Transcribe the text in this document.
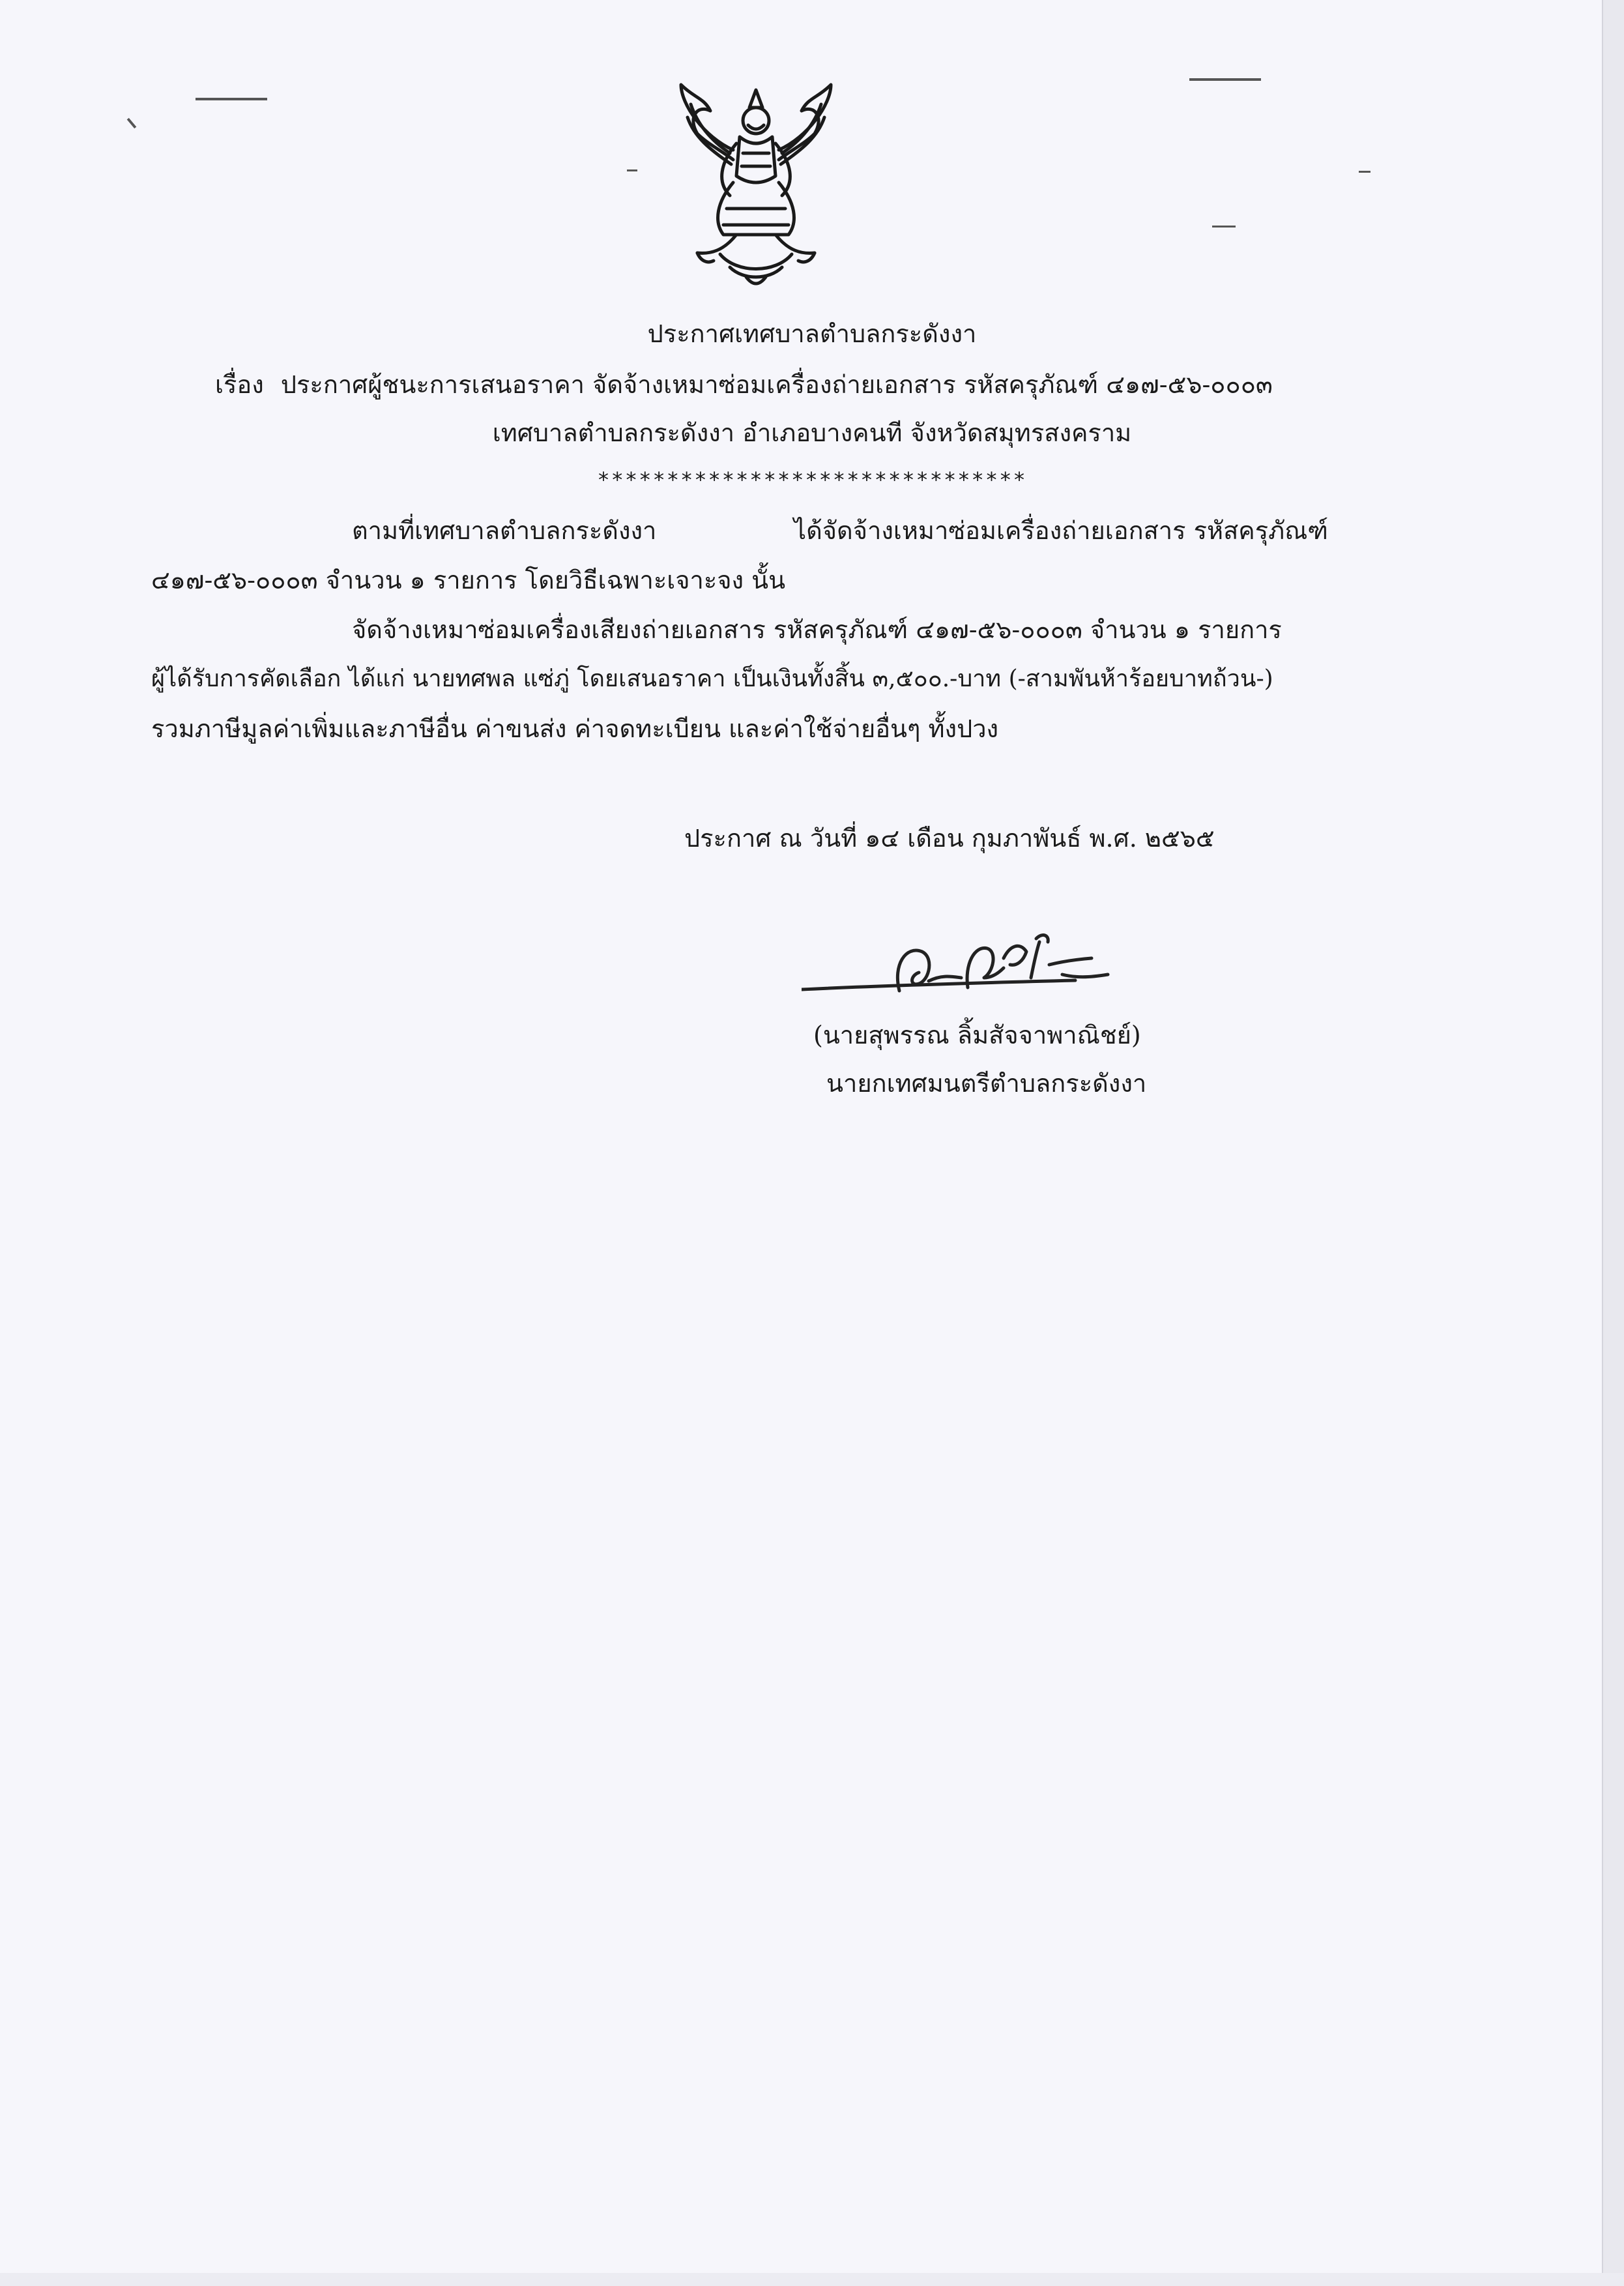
ประกาศเทศบาลตำบลกระดังงา
เรื่อง ประกาศผู้ชนะการเสนอราคา จัดจ้างเหมาซ่อมเครื่องถ่ายเอกสาร รหัสครุภัณฑ์ ๔๑๗-๕๖-๐๐๐๓
เทศบาลตำบลกระดังงา อำเภอบางคนที จังหวัดสมุทรสงคราม
*******************************
ตามที่เทศบาลตำบลกระดังงา	ได้จัดจ้างเหมาซ่อมเครื่องถ่ายเอกสาร รหัสครุภัณฑ์
๔๑๗-๕๖-๐๐๐๓ จำนวน ๑ รายการ โดยวิธีเฉพาะเจาะจง นั้น
จัดจ้างเหมาซ่อมเครื่องเสียงถ่ายเอกสาร รหัสครุภัณฑ์ ๔๑๗-๕๖-๐๐๐๓ จำนวน ๑ รายการ
ผู้ได้รับการคัดเลือก ได้แก่ นายทศพล แซ่ภู่ โดยเสนอราคา เป็นเงินทั้งสิ้น ๓,๕๐๐.-บาท (-สามพันห้าร้อยบาทถ้วน-)
รวมภาษีมูลค่าเพิ่มและภาษีอื่น ค่าขนส่ง ค่าจดทะเบียน และค่าใช้จ่ายอื่นๆ ทั้งปวง
ประกาศ ณ วันที่ ๑๔ เดือน กุมภาพันธ์ พ.ศ. ๒๕๖๕
(นายสุพรรณ ลิ้มสัจจาพาณิชย์)
นายกเทศมนตรีตำบลกระดังงา
